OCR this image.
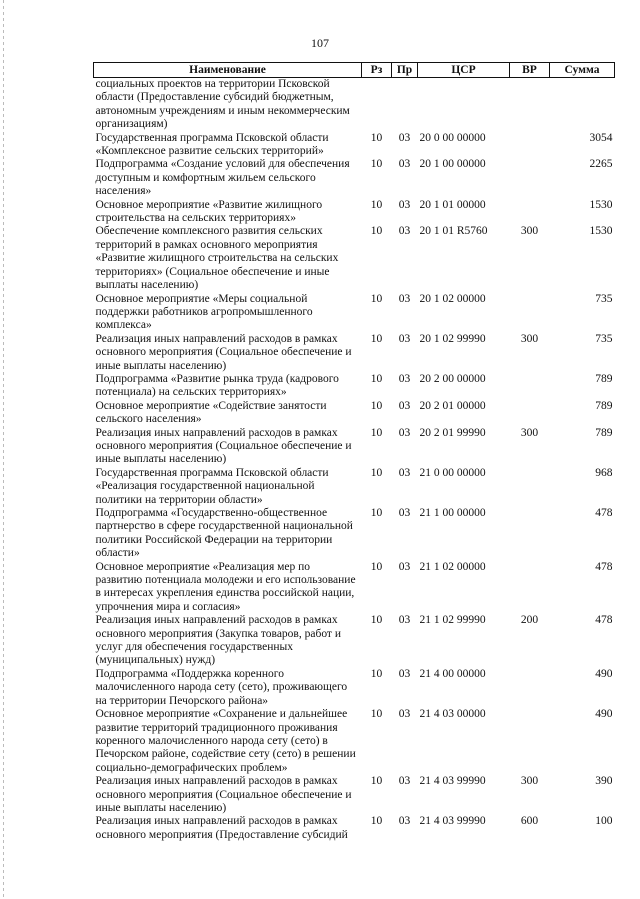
107
Наименование	Рз	Пр	ЦСР	ВР	Сумма
социальных проектов на территории Псковской области (Предоставление субсидий бюджетным, автономным учреждениям и иным некоммерческим организациям)					
Государственная программа Псковской области «Комплексное развитие сельских территорий»	10	03	20 0 00 00000		3054
Подпрограмма «Создание условий для обеспечения доступным и комфортным жильем сельского населения»	10	03	20 1 00 00000		2265
Основное мероприятие «Развитие жилищного строительства на сельских территориях»	10	03	20 1 01 00000		1530
Обеспечение комплексного развития сельских территорий в рамках основного мероприятия «Развитие жилищного строительства на сельских территориях» (Социальное обеспечение и иные выплаты населению)	10	03	20 1 01 R5760	300	1530
Основное мероприятие «Меры социальной поддержки работников агропромышленного комплекса»	10	03	20 1 02 00000		735
Реализация иных направлений расходов в рамках основного мероприятия (Социальное обеспечение и иные выплаты населению)	10	03	20 1 02 99990	300	735
Подпрограмма «Развитие рынка труда (кадрового потенциала) на сельских территориях»	10	03	20 2 00 00000		789
Основное мероприятие «Содействие занятости сельского населения»	10	03	20 2 01 00000		789
Реализация иных направлений расходов в рамках основного мероприятия (Социальное обеспечение и иные выплаты населению)	10	03	20 2 01 99990	300	789
Государственная программа Псковской области «Реализация государственной национальной политики на территории области»	10	03	21 0 00 00000		968
Подпрограмма «Государственно-общественное партнерство в сфере государственной национальной политики Российской Федерации на территории области»	10	03	21 1 00 00000		478
Основное мероприятие «Реализация мер по развитию потенциала молодежи и его использование в интересах укрепления единства российской нации, упрочнения мира и согласия»	10	03	21 1 02 00000		478
Реализация иных направлений расходов в рамках основного мероприятия (Закупка товаров, работ и услуг для обеспечения государственных (муниципальных) нужд)	10	03	21 1 02 99990	200	478
Подпрограмма «Поддержка коренного малочисленного народа сету (сето), проживающего на территории Печорского района»	10	03	21 4 00 00000		490
Основное мероприятие «Сохранение и дальнейшее развитие территорий традиционного проживания коренного малочисленного народа сету (сето) в Печорском районе, содействие сету (сето) в решении социально-демографических проблем»	10	03	21 4 03 00000		490
Реализация иных направлений расходов в рамках основного мероприятия (Социальное обеспечение и иные выплаты населению)	10	03	21 4 03 99990	300	390
Реализация иных направлений расходов в рамках основного мероприятия (Предоставление субсидий	10	03	21 4 03 99990	600	100
